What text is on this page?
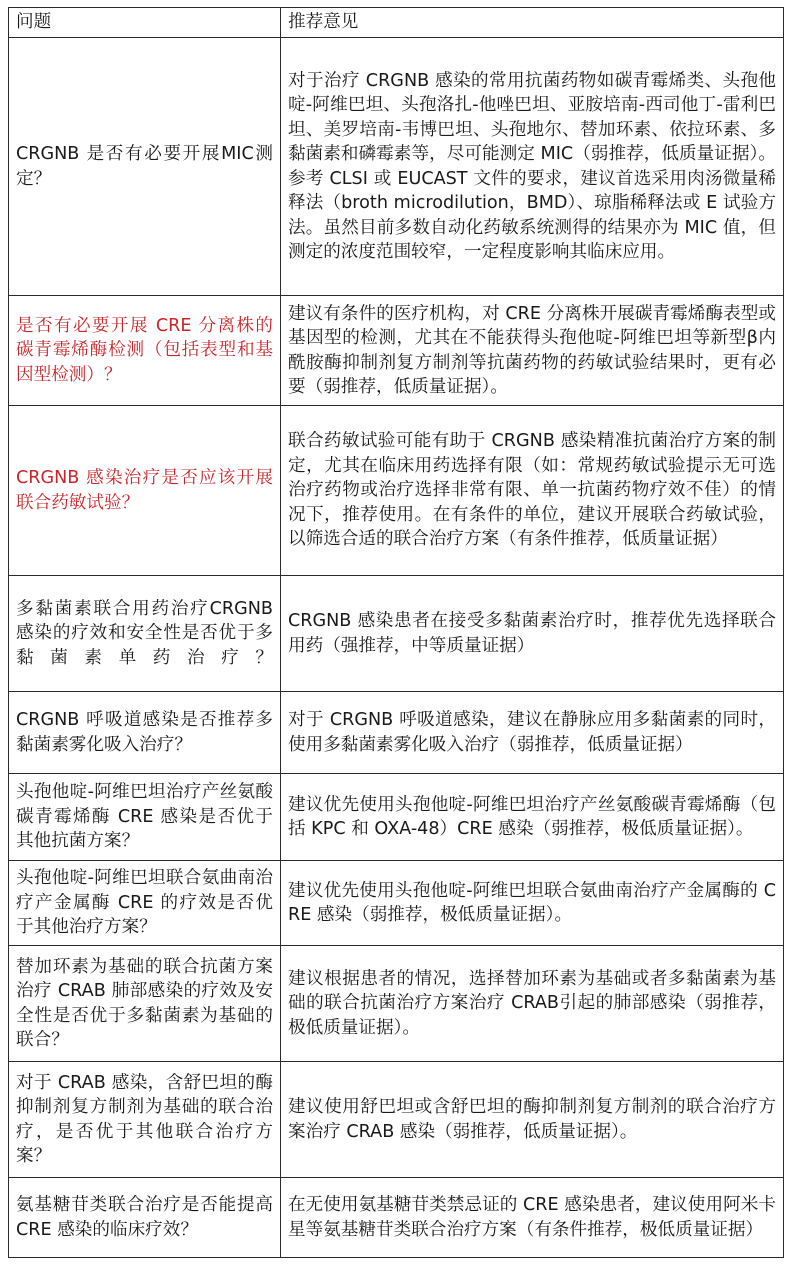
问题	推荐意见
CRGNB 是否有必要开展MIC测定？	对于治疗 CRGNB 感染的常用抗菌药物如碳青霉烯类、头孢他啶-阿维巴坦、头孢洛扎-他唑巴坦、亚胺培南-西司他丁-雷利巴坦、美罗培南-韦博巴坦、头孢地尔、替加环素、依拉环素、多黏菌素和磷霉素等，尽可能测定 MIC（弱推荐，低质量证据）。参考 CLSI 或 EUCAST 文件的要求，建议首选采用肉汤微量稀释法（broth microdilution，BMD）、琼脂稀释法或 E 试验方法。虽然目前多数自动化药敏系统测得的结果亦为 MIC 值，但测定的浓度范围较窄，一定程度影响其临床应用。
是否有必要开展 CRE 分离株的碳青霉烯酶检测（包括表型和基因型检测）？	建议有条件的医疗机构，对 CRE 分离株开展碳青霉烯酶表型或基因型的检测，尤其在不能获得头孢他啶-阿维巴坦等新型β内酰胺酶抑制剂复方制剂等抗菌药物的药敏试验结果时，更有必要（弱推荐，低质量证据）。
CRGNB 感染治疗是否应该开展联合药敏试验？	联合药敏试验可能有助于 CRGNB 感染精准抗菌治疗方案的制定，尤其在临床用药选择有限（如：常规药敏试验提示无可选治疗药物或治疗选择非常有限、单一抗菌药物疗效不佳）的情况下，推荐使用。在有条件的单位，建议开展联合药敏试验，以筛选合适的联合治疗方案（有条件推荐，低质量证据）
多黏菌素联合用药治疗CRGNB 感染的疗效和安全性是否优于多黏菌素单药治疗？	CRGNB 感染患者在接受多黏菌素治疗时，推荐优先选择联合用药（强推荐，中等质量证据）
CRGNB 呼吸道感染是否推荐多黏菌素雾化吸入治疗？	对于 CRGNB 呼吸道感染，建议在静脉应用多黏菌素的同时，使用多黏菌素雾化吸入治疗（弱推荐，低质量证据）
头孢他啶-阿维巴坦治疗产丝氨酸碳青霉烯酶 CRE 感染是否优于其他抗菌方案？	建议优先使用头孢他啶-阿维巴坦治疗产丝氨酸碳青霉烯酶（包括 KPC 和 OXA-48）CRE 感染（弱推荐，极低质量证据）。
头孢他啶-阿维巴坦联合氨曲南治疗产金属酶 CRE 的疗效是否优于其他治疗方案？	建议优先使用头孢他啶-阿维巴坦联合氨曲南治疗产金属酶的 CRE 感染（弱推荐，极低质量证据）。
替加环素为基础的联合抗菌方案治疗 CRAB 肺部感染的疗效及安全性是否优于多黏菌素为基础的联合？	建议根据患者的情况，选择替加环素为基础或者多黏菌素为基础的联合抗菌治疗方案治疗 CRAB引起的肺部感染（弱推荐，极低质量证据）。
对于 CRAB 感染，含舒巴坦的酶抑制剂复方制剂为基础的联合治疗，是否优于其他联合治疗方案？	建议使用舒巴坦或含舒巴坦的酶抑制剂复方制剂的联合治疗方案治疗 CRAB 感染（弱推荐，低质量证据）。
氨基糖苷类联合治疗是否能提高 CRE 感染的临床疗效？	在无使用氨基糖苷类禁忌证的 CRE 感染患者，建议使用阿米卡星等氨基糖苷类联合治疗方案（有条件推荐，极低质量证据）
